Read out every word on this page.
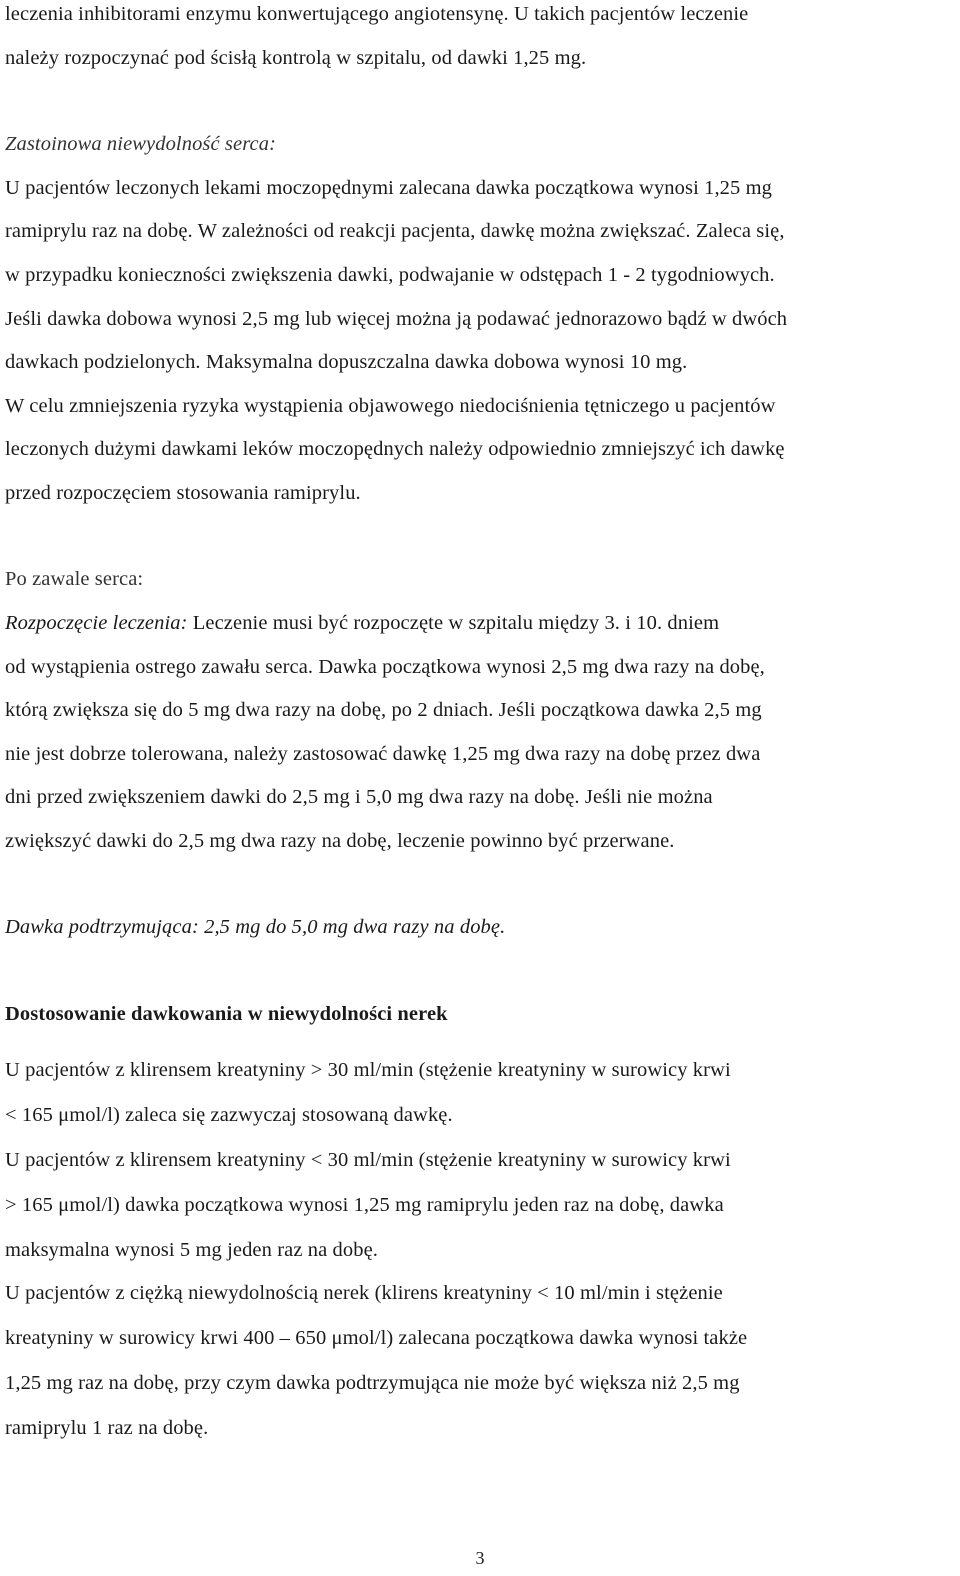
leczenia inhibitorami enzymu konwertującego angiotensynę. U takich pacjentów leczenie
należy rozpoczynać pod ścisłą kontrolą w szpitalu, od dawki 1,25 mg.
Zastoinowa niewydolność serca:
U pacjentów leczonych lekami moczopędnymi zalecana dawka początkowa wynosi 1,25 mg
ramiprylu raz na dobę. W zależności od reakcji pacjenta, dawkę można zwiększać. Zaleca się,
w przypadku konieczności zwiększenia dawki, podwajanie w odstępach 1 - 2 tygodniowych.
Jeśli dawka dobowa wynosi 2,5 mg lub więcej można ją podawać jednorazowo bądź w dwóch
dawkach podzielonych. Maksymalna dopuszczalna dawka dobowa wynosi 10 mg.
W celu zmniejszenia ryzyka wystąpienia objawowego niedociśnienia tętniczego u pacjentów
leczonych dużymi dawkami leków moczopędnych należy odpowiednio zmniejszyć ich dawkę
przed rozpoczęciem stosowania ramiprylu.
Po zawale serca:
Rozpoczęcie leczenia: Leczenie musi być rozpoczęte w szpitalu między 3. i 10. dniem
od wystąpienia ostrego zawału serca. Dawka początkowa wynosi 2,5 mg dwa razy na dobę,
którą zwiększa się do 5 mg dwa razy na dobę, po 2 dniach. Jeśli początkowa dawka 2,5 mg
nie jest dobrze tolerowana, należy zastosować dawkę 1,25 mg dwa razy na dobę przez dwa
dni przed zwiększeniem dawki do 2,5 mg i 5,0 mg dwa razy na dobę. Jeśli nie można
zwiększyć dawki do 2,5 mg dwa razy na dobę, leczenie powinno być przerwane.
Dawka podtrzymująca: 2,5 mg do 5,0 mg dwa razy na dobę.
Dostosowanie dawkowania w niewydolności nerek
U pacjentów z klirensem kreatyniny > 30 ml/min (stężenie kreatyniny w surowicy krwi
< 165 μmol/l) zaleca się zazwyczaj stosowaną dawkę.
U pacjentów z klirensem kreatyniny < 30 ml/min (stężenie kreatyniny w surowicy krwi
> 165 μmol/l) dawka początkowa wynosi 1,25 mg ramiprylu jeden raz na dobę, dawka
maksymalna wynosi 5 mg jeden raz na dobę.
U pacjentów z ciężką niewydolnością nerek (klirens kreatyniny < 10 ml/min i stężenie
kreatyniny w surowicy krwi 400 – 650 μmol/l) zalecana początkowa dawka wynosi także
1,25 mg raz na dobę, przy czym dawka podtrzymująca nie może być większa niż 2,5 mg
ramiprylu 1 raz na dobę.
3
